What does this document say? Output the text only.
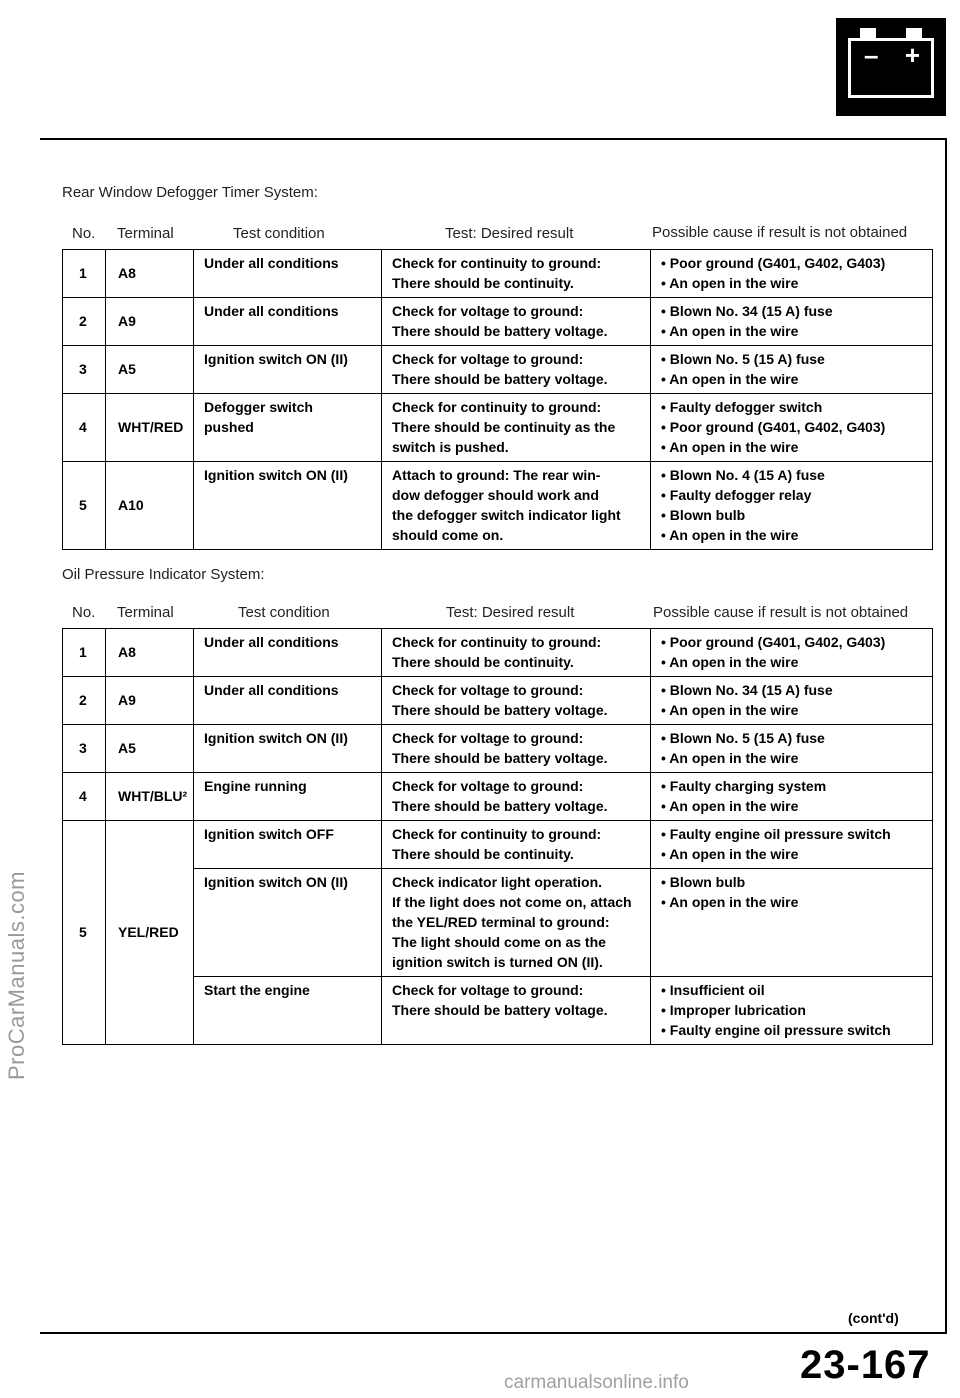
– +
Rear Window Defogger Timer System:
No. Terminal	Test condition	Test: Desired result	Possible cause if result is not obtained
1	A8	Under all conditions	Check for continuity to ground:
There should be continuity.	• Poor ground (G401, G402, G403)
• An open in the wire

2	A9	Under all conditions	Check for voltage to ground:
There should be battery voltage.	• Blown No. 34 (15 A) fuse
• An open in the wire

3	A5	Ignition switch ON (II)	Check for voltage to ground:
There should be battery voltage.	• Blown No. 5 (15 A) fuse
• An open in the wire

4	WHT/RED	Defogger switch
pushed	Check for continuity to ground:
There should be continuity as the
switch is pushed.	• Faulty defogger switch
• Poor ground (G401, G402, G403)
• An open in the wire

5	A10	Ignition switch ON (II)	Attach to ground: The rear win-
dow defogger should work and
the defogger switch indicator light
should come on.	• Blown No. 4 (15 A) fuse
• Faulty defogger relay
• Blown bulb
• An open in the wire
Oil Pressure Indicator System:
No. Terminal	Test condition	Test: Desired result	Possible cause if result is not obtained
1	A8	Under all conditions	Check for continuity to ground:
There should be continuity.	• Poor ground (G401, G402, G403)
• An open in the wire

2	A9	Under all conditions	Check for voltage to ground:
There should be battery voltage.	• Blown No. 34 (15 A) fuse
• An open in the wire

3	A5	Ignition switch ON (II)	Check for voltage to ground:
There should be battery voltage.	• Blown No. 5 (15 A) fuse
• An open in the wire

4	WHT/BLU²	Engine running	Check for voltage to ground:
There should be battery voltage.	• Faulty charging system
• An open in the wire

5	YEL/RED	Ignition switch OFF	Check for continuity to ground:
There should be continuity.	• Faulty engine oil pressure switch
• An open in the wire

		Ignition switch ON (II)	Check indicator light operation.
If the light does not come on, attach
the YEL/RED terminal to ground:
The light should come on as the
ignition switch is turned ON (II).	• Blown bulb
• An open in the wire

		Start the engine	Check for voltage to ground:
There should be battery voltage.	• Insufficient oil
• Improper lubrication
• Faulty engine oil pressure switch
ProCarManuals.com
(cont'd)
23-167
carmanualsonline.info
